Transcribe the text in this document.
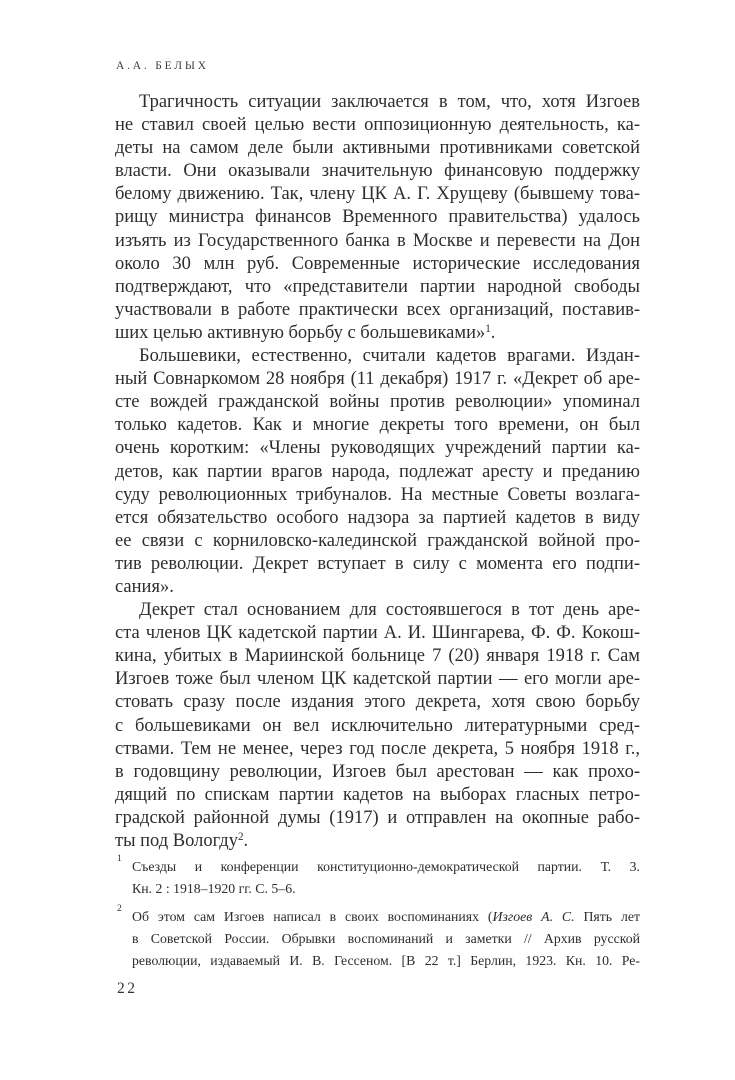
А.А. БЕЛЫХ
Трагичность ситуации заключается в том, что, хотя Изгоев
не ставил своей целью вести оппозиционную деятельность, ка-
деты на самом деле были активными противниками советской
власти. Они оказывали значительную финансовую поддержку
белому движению. Так, члену ЦК А. Г. Хрущеву (бывшему това-
рищу министра финансов Временного правительства) удалось
изъять из Государственного банка в Москве и перевести на Дон
около 30 млн руб. Современные исторические исследования
подтверждают, что «представители партии народной свободы
участвовали в работе практически всех организаций, поставив-
ших целью активную борьбу с большевиками»$^1$.
Большевики, естественно, считали кадетов врагами. Издан-
ный Совнаркомом 28 ноября (11 декабря) 1917 г. «Декрет об аре-
сте вождей гражданской войны против революции» упоминал
только кадетов. Как и многие декреты того времени, он был
очень коротким: «Члены руководящих учреждений партии ка-
детов, как партии врагов народа, подлежат аресту и преданию
суду революционных трибуналов. На местные Советы возлага-
ется обязательство особого надзора за партией кадетов в виду
ее связи с корниловско-калединской гражданской войной про-
тив революции. Декрет вступает в силу с момента его подпи-
сания».
Декрет стал основанием для состоявшегося в тот день аре-
ста членов ЦК кадетской партии А. И. Шингарева, Ф. Ф. Кокош-
кина, убитых в Мариинской больнице 7 (20) января 1918 г. Сам
Изгоев тоже был членом ЦК кадетской партии — его могли аре-
стовать сразу после издания этого декрета, хотя свою борьбу
с большевиками он вел исключительно литературными сред-
ствами. Тем не менее, через год после декрета, 5 ноября 1918 г.,
в годовщину революции, Изгоев был арестован — как прохо-
дящий по спискам партии кадетов на выборах гласных петро-
градской районной думы (1917) и отправлен на окопные рабо-
ты под Вологду$^2$.
1 Съезды и конференции конституционно-демократической партии. Т. 3.
Кн. 2 : 1918–1920 гг. С. 5–6.
2 Об этом сам Изгоев написал в своих воспоминаниях (Изгоев А. С. Пять лет
в Советской России. Обрывки воспоминаний и заметки // Архив русской
революции, издаваемый И. В. Гессеном. [В 22 т.] Берлин, 1923. Кн. 10. Ре-
22
